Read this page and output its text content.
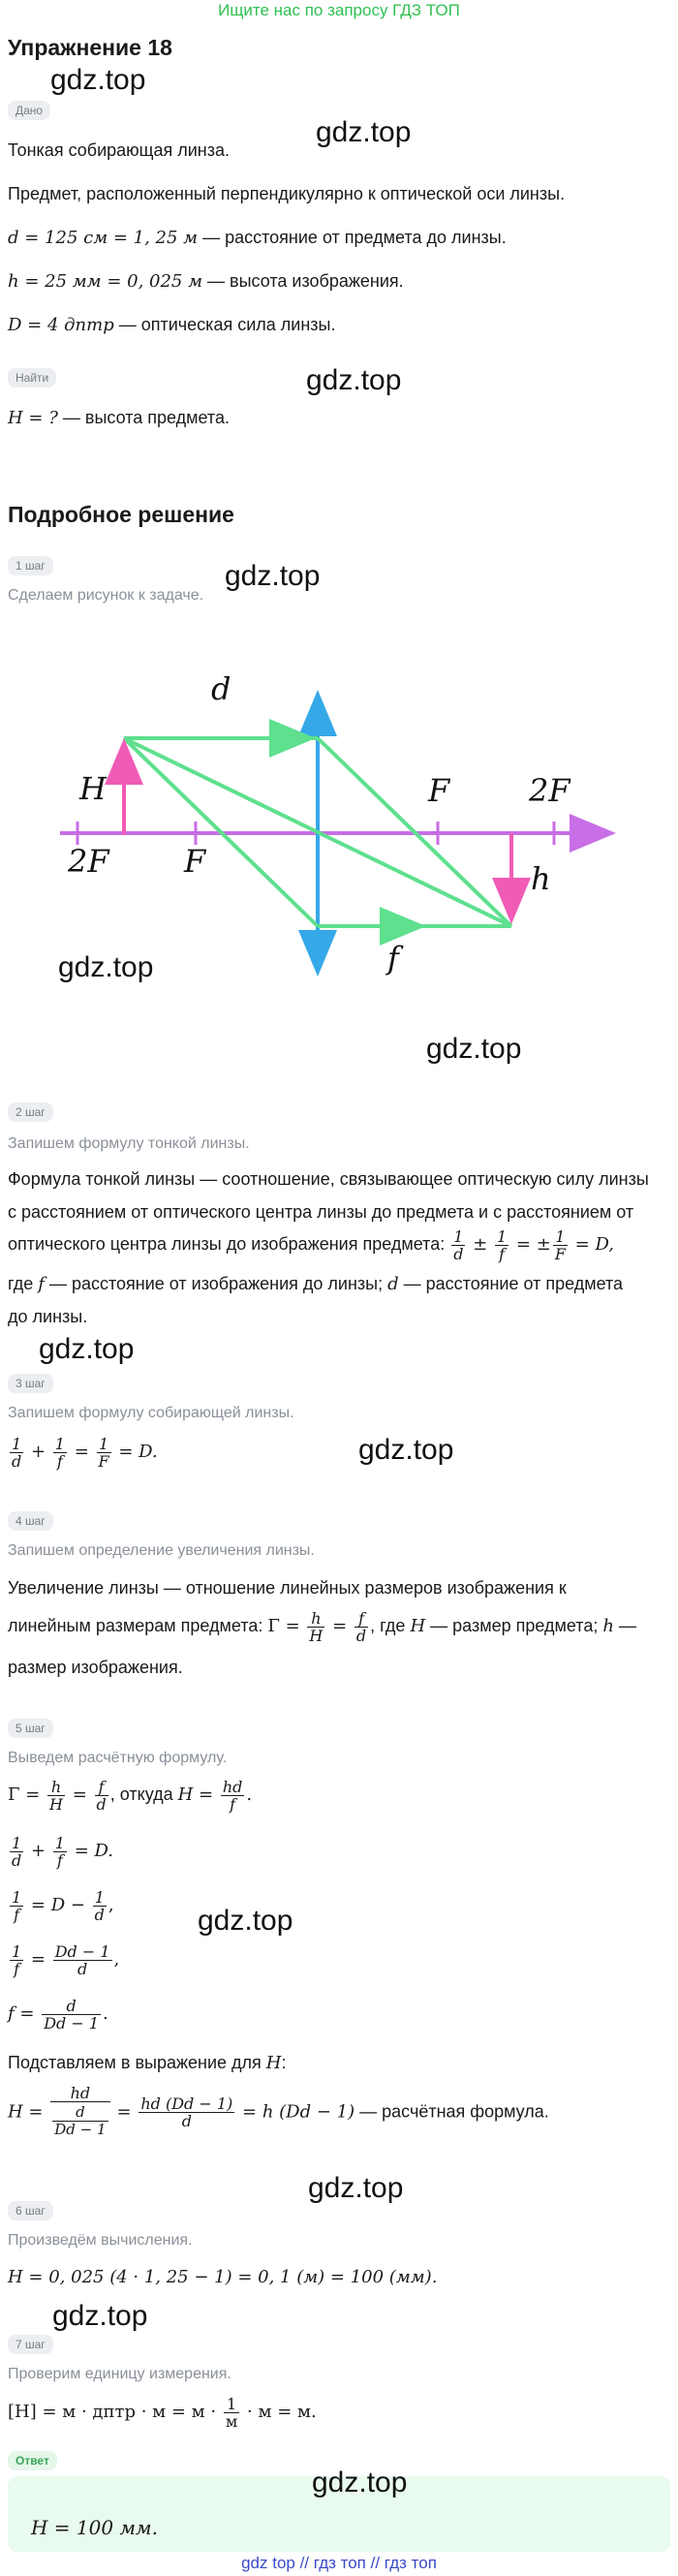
Ищите нас по запросу ГДЗ ТОП
Упражнение 18
Дано
Тонкая собирающая линза.
Предмет, расположенный перпендикулярно к оптической оси линзы.
d = 125 см = 1, 25 м — расстояние от предмета до линзы.
h = 25 мм = 0, 025 м — высота изображения.
D = 4 дптр — оптическая сила линзы.
Найти
H = ? — высота предмета.
Подробное решение
1 шаг
Сделаем рисунок к задаче.
d
H	F	2F
2F F	h
f
2 шаг
Запишем формулу тонкой линзы.
Формула тонкой линзы — соотношение, связывающее оптическую силу линзы
с расстоянием от оптического центра линзы до предмета и с расстоянием от
оптического центра линзы до изображения предмета: $\frac{1}{d} \pm \frac{1}{f}$ = ± $\frac{1}{F} = D$,
где f — расстояние от изображения до линзы; d — расстояние от предмета
до линзы.
3 шаг
Запишем формулу собирающей линзы.
$\frac{1}{d} + \frac{1}{f} = \frac{1}{F} = D$.
4 шаг
Запишем определение увеличения линзы.
Увеличение линзы — отношение линейных размеров изображения к
линейным размерам предмета: $\Gamma = \frac{h}{H} = \frac{f}{d}$ , где H — размер предмета; h —
размер изображения.
5 шаг
Выведем расчётную формулу.
$\Gamma = \frac{h}{H} = \frac{f}{d}$ , откуда $H = \frac{hd}{f}$ .
$\frac{1}{d} + \frac{1}{f} = D$.
$\frac{1}{f} = D - \frac{1}{d}$ ,
$\frac{1}{f} = \frac{Dd - 1}{d}$ ,
$f = \frac{d}{Dd - 1}$ .
Подставляем в выражение для H:
$H = \frac{hd}{\frac{d}{Dd - 1}} = \frac{hd (Dd - 1)}{d} = h$ (Dd − 1) — расчётная формула.
6 шаг
Произведём вычисления.
H = 0, 025 (4 · 1, 25 − 1) = 0, 1 (м) = 100 (мм).
7 шаг
Проверим единицу измерения.
[H] = м · дптр · $м = м \cdot \frac{1}{м} \cdot м = м$.
Ответ
H = 100 мм.
gdz.top
gdz.top
gdz.top
gdz.top
gdz.top
gdz.top
gdz.top
gdz.top
gdz.top
gdz.top
gdz.top
gdz.top
gdz top // гдз топ // гдз топ
